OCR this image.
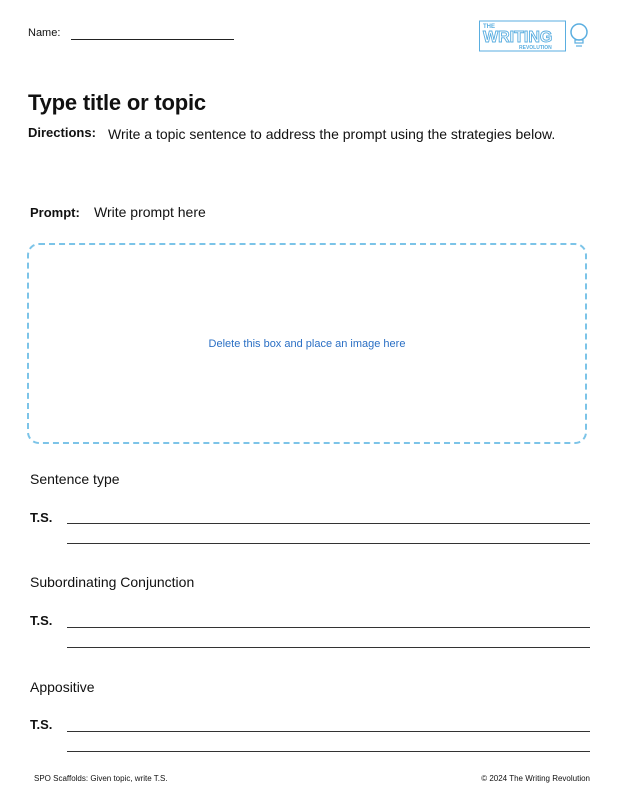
Name:	THE
WRITING
REVOLUTION
Type title or topic
Directions: Write a topic sentence to address the prompt using the strategies below.
Prompt: Write prompt here
Delete this box and place an image here
Sentence type
T.S.
Subordinating Conjunction
T.S.
Appositive
T.S.
SPO Scaffolds: Given topic, write T.S.	© 2024 The Writing Revolution
